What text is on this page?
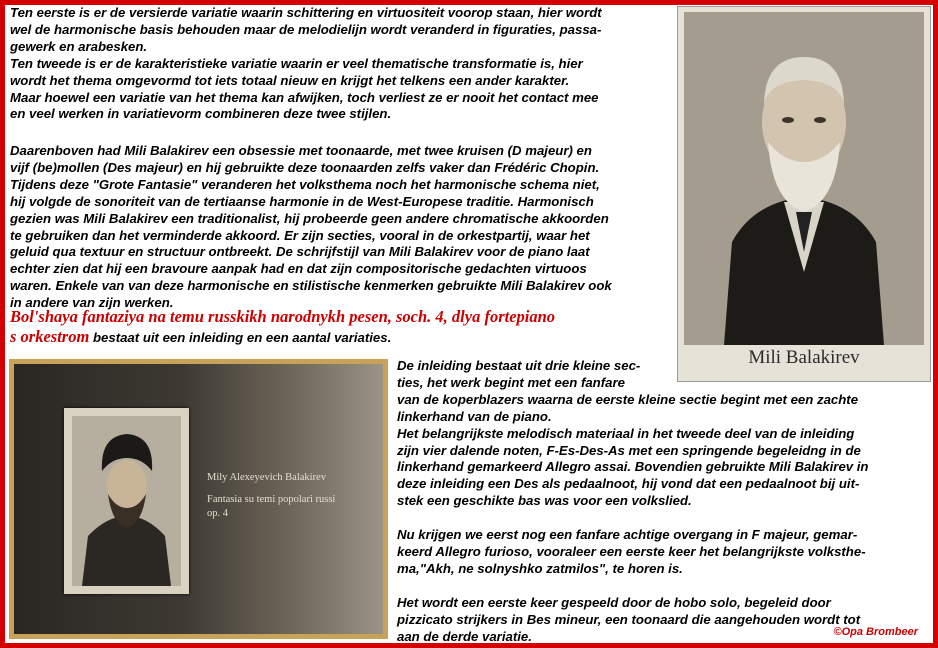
Ten eerste is er de versierde variatie waarin schittering en virtuositeit voorop staan, hier wordt

wel de harmonische basis behouden maar de melodielijn wordt veranderd in figuraties, passa-

gewerk en arabesken.

Ten tweede is er de karakteristieke variatie waarin er veel thematische transformatie is, hier

wordt het thema omgevormd tot iets totaal nieuw en krijgt het telkens een ander karakter.

Maar hoewel een variatie van het thema kan afwijken, toch verliest ze er nooit het contact mee

en veel werken in variatievorm combineren deze twee stijlen.

Daarenboven had Mili Balakirev een obsessie met toonaarde, met twee kruisen (D majeur) en

vijf (be)mollen (Des majeur) en hij gebruikte deze toonaarden zelfs vaker dan Frédéric Chopin.

Tijdens deze "Grote Fantasie" veranderen het volksthema noch het harmonische schema niet,

hij volgde de sonoriteit van de tertiaanse harmonie in de West-Europese traditie. Harmonisch

gezien was Mili Balakirev een traditionalist, hij probeerde geen andere chromatische akkoorden

te gebruiken dan het verminderde akkoord. Er zijn secties, vooral in de orkestpartij, waar het

geluid qua textuur en structuur ontbreekt. De schrijfstijl van Mili Balakirev voor de piano laat

echter zien dat hij een bravoure aanpak had en dat zijn compositorische gedachten virtuoos

waren. Enkele van van deze harmonische en stilistische kenmerken gebruikte Mili Balakirev ook

in andere van zijn werken.

Bol'shaya fantaziya na temu russkikh narodnykh pesen, soch. 4, dlya fortepiano
s orkestrom bestaat uit een inleiding en een aantal variaties.
Mili Balakirev
Mily Alexeyevich Balakirev
Fantasia su temi popolari russi
op. 4

De inleiding bestaat uit drie kleine sec-

ties, het werk begint met een fanfare

van de koperblazers waarna de eerste kleine sectie begint met een zachte

linkerhand van de piano.

Het belangrijkste melodisch materiaal in het tweede deel van de inleiding

zijn vier dalende noten, F-Es-Des-As met een springende begeleidng in de

linkerhand gemarkeerd Allegro assai. Bovendien gebruikte Mili Balakirev in

deze inleiding een Des als pedaalnoot, hij vond dat een pedaalnoot bij uit-

stek een geschikte bas was voor een volkslied.

Nu krijgen we eerst nog een fanfare achtige overgang in F majeur, gemar-

keerd Allegro furioso, vooraleer een eerste keer het belangrijkste volksthe-

ma,"Akh, ne solnyshko zatmilos", te horen is.

Het wordt een eerste keer gespeeld door de hobo solo, begeleid door

pizzicato strijkers in Bes mineur, een toonaard die aangehouden wordt tot

aan de derde variatie.	©Opa Brombeer
